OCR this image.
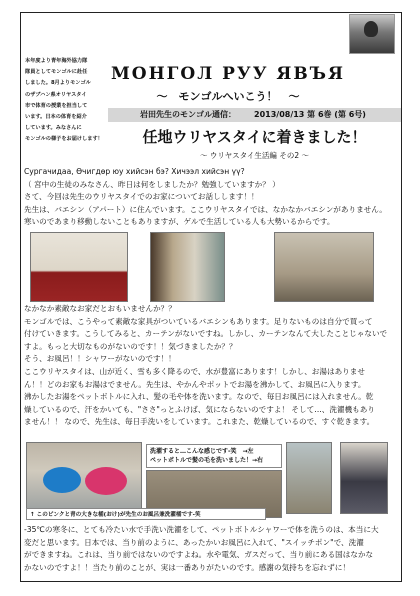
本年度より青年海外協力隊
隊員としてモンゴルに赴任
しました。8月よりモンゴル
のザブハン県オリヤスタイ
市で体育の授業を担当して
います。日本の体育を紹介
しています。みなさんに
モンゴルの様子をお届けします！
МОНГОЛ РУУ ЯВЪЯ
～　モンゴルへいこう！　～
岩田先生のモンゴル通信： 2013/08/13 第 6巻 (第 6号)
任地ウリヤスタイに着きました！
～ ウリヤスタイ生活編 その2 ～

Сургачидаа, Өчигдөр юу хийсэн бэ? Хичээл хийсэн үү?

（ 宮中の生徒のみなさん、昨日は何をしましたか？勉強していますか？ ）

さて、今回は先生のウリヤスタイでのお家についてお話しします！！

先生は、バエシン（アパート）に住んでいます。ここウリヤスタイでは、なかなかバエシンがありません。

寒いのであまり移動しないこともありますが、ゲルで生活している人も大勢いるからです。

なかなか素敵なお家だとおもいませんか？？

モンゴルでは、こうやって素敵な家具がついているバエシンもあります。足りないものは自分で買って

付けていきます。こうしてみると、カーテンがないですね。しかし、カーテンなんて大したことじゃないで

すよ。もっと大切なものがないのです！！気づきましたか？？

そう、お風呂！！シャワーがないのです！！

ここウリヤスタイは、山が近く、雪も多く降るので、水が豊富にあります！しかし、お湯はありませ

ん！！どのお家もお湯はでません。先生は、やかんやポットでお湯を沸かして、お風呂に入ります。

沸かしたお湯をペットボトルに入れ、髪の毛や体を洗います。なので、毎日お風呂には入れません。乾

燥しているので、汗をかいても、"ささ"っとふけば、気にならないのですよ！ そして…、洗濯機もあり

ません！！ なので、先生は、毎日手洗いをしています。これまた、乾燥しているので、すぐ乾きます。

洗濯すると…こんな感じです-笑　→左
ペットボトルで髪の毛を洗いました！→右
↑ このピンクと青の大きな桶(おけ)が先生のお風呂兼洗濯桶です-笑

-35℃の寒冬に、とても冷たい水で手洗い洗濯をして、ペットボトルシャワーで体を洗うのは、本当に大

変だと思います。日本では、当り前のように、あったかいお風呂に入れて、"スイッチポン"で、洗濯

ができますね。これは、当り前ではないのですよね。水や電気、ガスだって、当り前にある国はなかな

かないのですよ！！当たり前のことが、実は一番ありがたいのです。感謝の気持ちを忘れずに！
